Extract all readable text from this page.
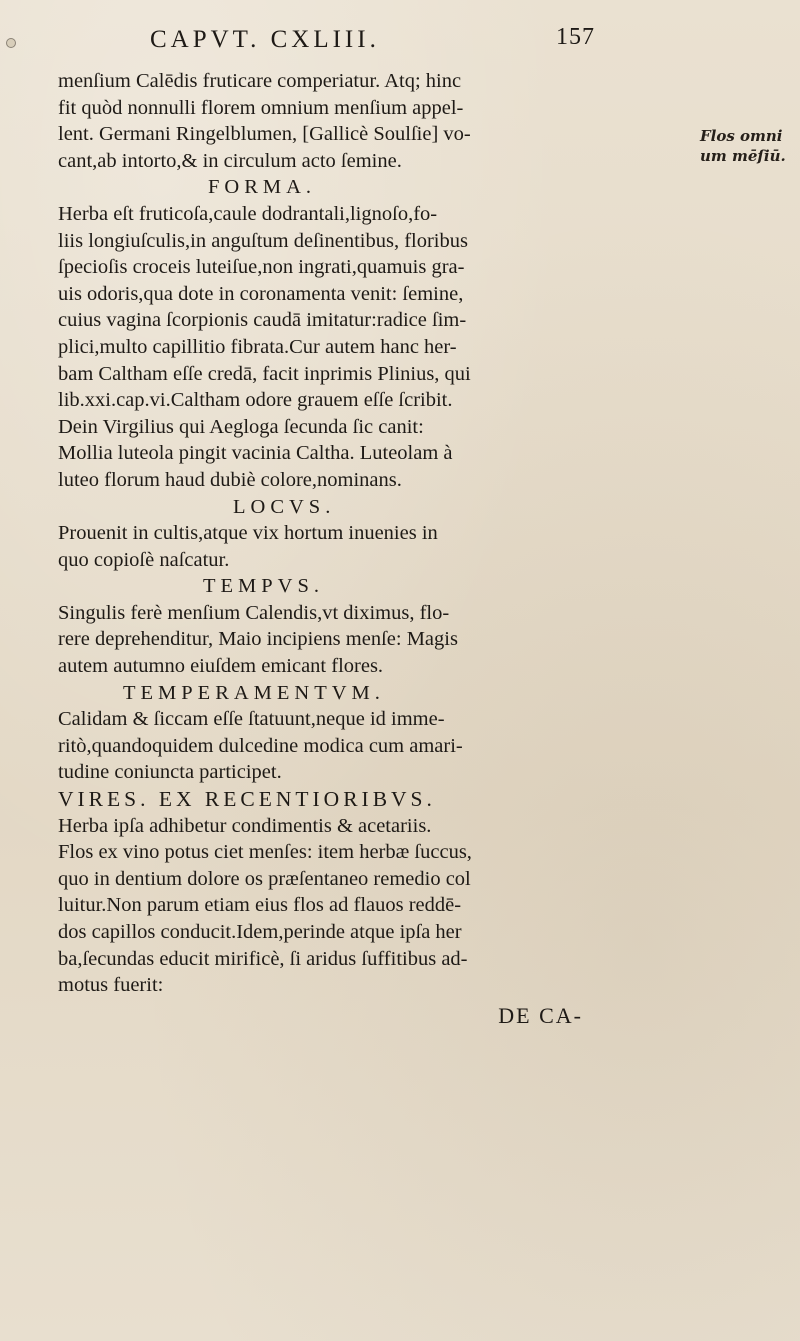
CAPVT. CXLIII.	157
Flos omni
um mēſiū.
menſium Calēdis fruticare comperiatur. Atq; hinc
fit quòd nonnulli florem omnium menſium appel-
lent. Germani Ringelblumen, [Gallicè Soulſie] vo-
cant,ab intorto,& in circulum acto ſemine.
FORMA.
Herba eſt fruticoſa,caule dodrantali,lignoſo,fo-
liis longiuſculis,in anguſtum deſinentibus, floribus
ſpecioſis croceis luteiſue,non ingrati,quamuis gra-
uis odoris,qua dote in coronamenta venit: ſemine,
cuius vagina ſcorpionis caudā imitatur:radice ſim-
plici,multo capillitio fibrata.Cur autem hanc her-
bam Caltham eſſe credā, facit inprimis Plinius, qui
lib.xxi.cap.vi.Caltham odore grauem eſſe ſcribit.
Dein Virgilius qui Aegloga ſecunda ſic canit:
Mollia luteola pingit vacinia Caltha. Luteolam à
luteo florum haud dubiè colore,nominans.
LOCVS.
Prouenit in cultis,atque vix hortum inuenies in
quo copioſè naſcatur.
TEMPVS.
Singulis ferè menſium Calendis,vt diximus, flo-
rere deprehenditur, Maio incipiens menſe: Magis
autem autumno eiuſdem emicant flores.
TEMPERAMENTVM.
Calidam & ſiccam eſſe ſtatuunt,neque id imme-
ritò,quandoquidem dulcedine modica cum amari-
tudine coniuncta participet.
VIRES. EX RECENTIORIBVS.
Herba ipſa adhibetur condimentis & acetariis.
Flos ex vino potus ciet menſes: item herbæ ſuccus,
quo in dentium dolore os præſentaneo remedio col
luitur.Non parum etiam eius flos ad flauos reddē-
dos capillos conducit.Idem,perinde atque ipſa her
ba,ſecundas educit mirificè, ſi aridus ſuffitibus ad-
motus fuerit:
DE CA-
